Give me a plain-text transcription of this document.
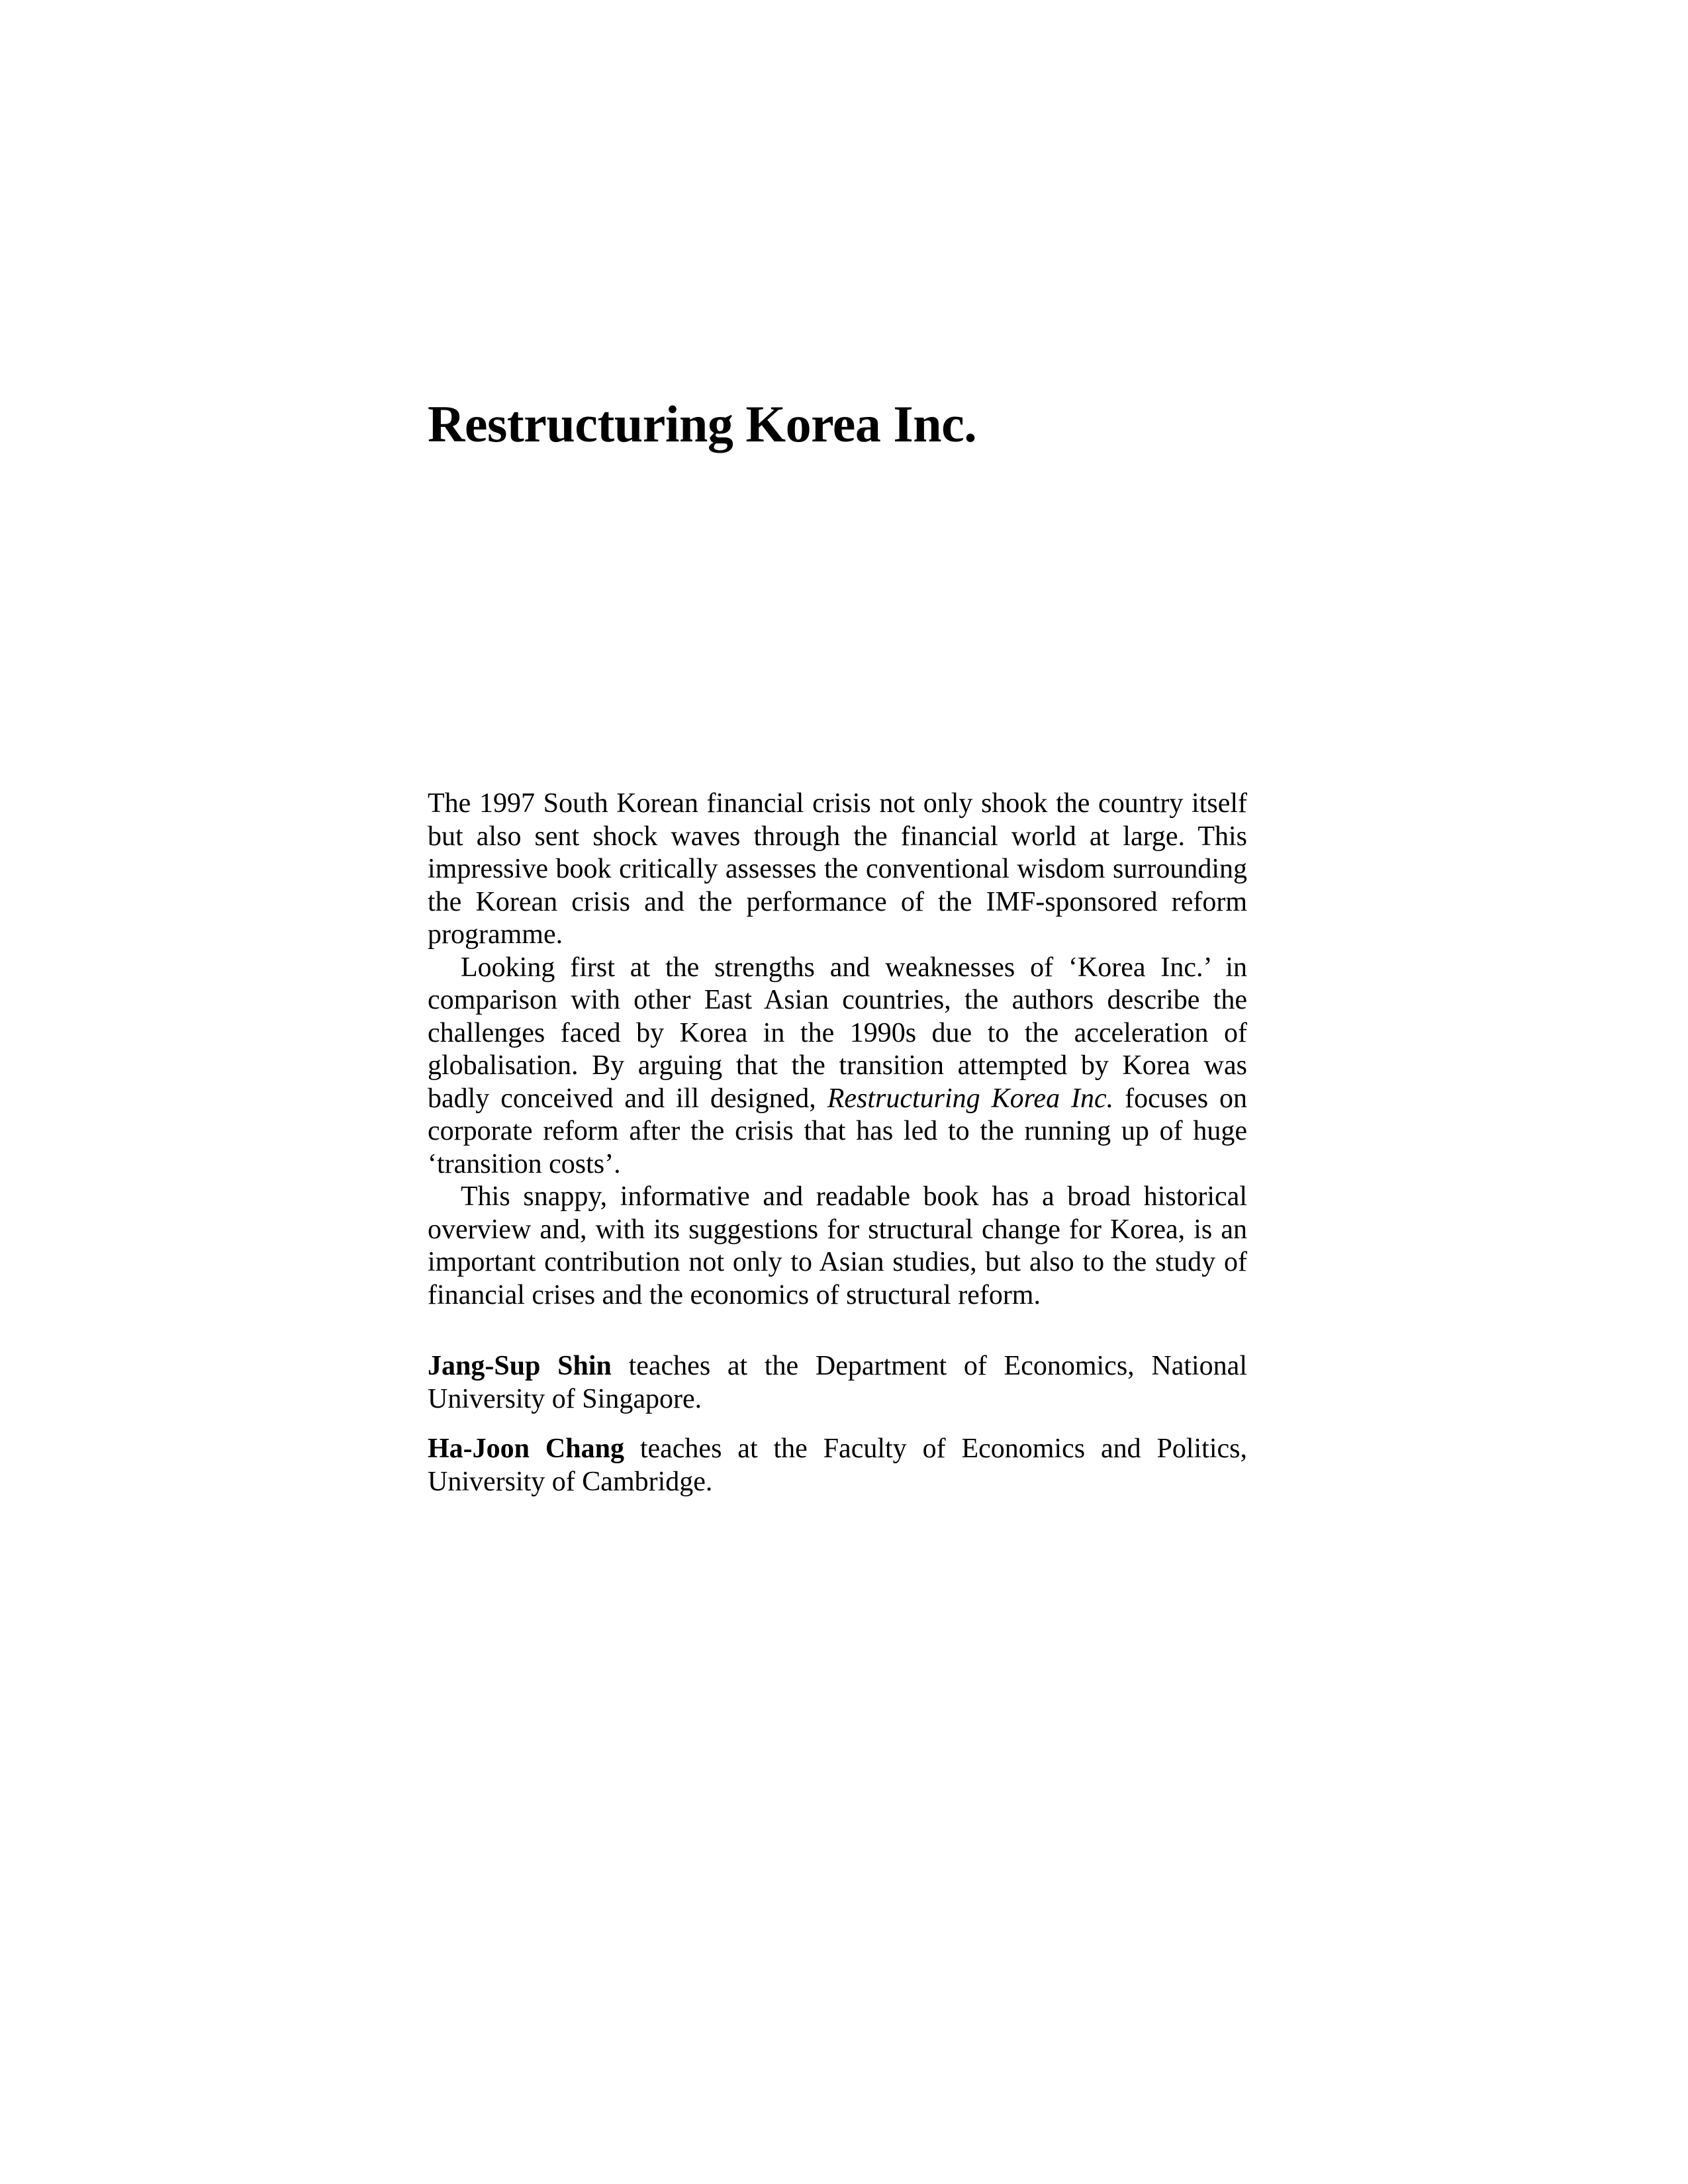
Restructuring Korea Inc.

The 1997 South Korean financial crisis not only shook the country itself but also sent shock waves through the financial world at large. This impressive book critically assesses the conventional wisdom surrounding the Korean crisis and the performance of the IMF-sponsored reform programme.

Looking first at the strengths and weaknesses of ‘Korea Inc.’ in comparison with other East Asian countries, the authors describe the challenges faced by Korea in the 1990s due to the acceleration of globalisation. By arguing that the transition attempted by Korea was badly conceived and ill designed, Restructuring Korea Inc. focuses on corporate reform after the crisis that has led to the running up of huge ‘transition costs’.

This snappy, informative and readable book has a broad historical overview and, with its suggestions for structural change for Korea, is an important contribution not only to Asian studies, but also to the study of financial crises and the economics of structural reform.

Jang-Sup Shin teaches at the Department of Economics, National University of Singapore.

Ha-Joon Chang teaches at the Faculty of Economics and Politics, University of Cambridge.
